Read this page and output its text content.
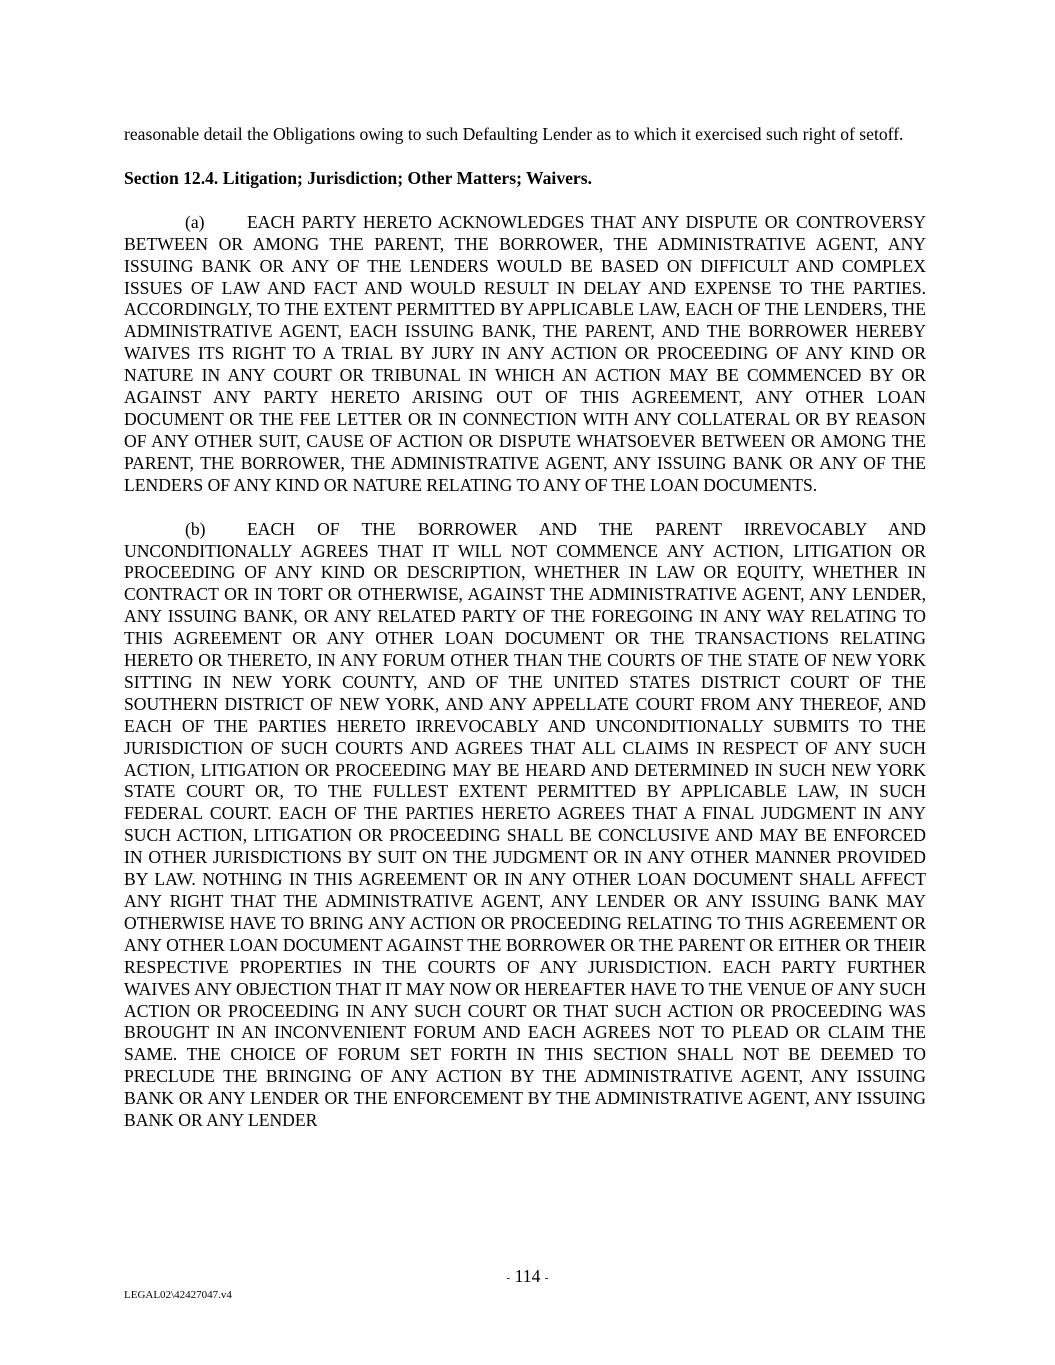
reasonable detail the Obligations owing to such Defaulting Lender as to which it exercised such right of setoff.

Section 12.4. Litigation; Jurisdiction; Other Matters; Waivers.

(a) EACH PARTY HERETO ACKNOWLEDGES THAT ANY DISPUTE OR CONTROVERSY BETWEEN OR AMONG THE PARENT, THE BORROWER, THE ADMINISTRATIVE AGENT, ANY ISSUING BANK OR ANY OF THE LENDERS WOULD BE BASED ON DIFFICULT AND COMPLEX ISSUES OF LAW AND FACT AND WOULD RESULT IN DELAY AND EXPENSE TO THE PARTIES. ACCORDINGLY, TO THE EXTENT PERMITTED BY APPLICABLE LAW, EACH OF THE LENDERS, THE ADMINISTRATIVE AGENT, EACH ISSUING BANK, THE PARENT, AND THE BORROWER HEREBY WAIVES ITS RIGHT TO A TRIAL BY JURY IN ANY ACTION OR PROCEEDING OF ANY KIND OR NATURE IN ANY COURT OR TRIBUNAL IN WHICH AN ACTION MAY BE COMMENCED BY OR AGAINST ANY PARTY HERETO ARISING OUT OF THIS AGREEMENT, ANY OTHER LOAN DOCUMENT OR THE FEE LETTER OR IN CONNECTION WITH ANY COLLATERAL OR BY REASON OF ANY OTHER SUIT, CAUSE OF ACTION OR DISPUTE WHATSOEVER BETWEEN OR AMONG THE PARENT, THE BORROWER, THE ADMINISTRATIVE AGENT, ANY ISSUING BANK OR ANY OF THE LENDERS OF ANY KIND OR NATURE RELATING TO ANY OF THE LOAN DOCUMENTS.

(b) EACH OF THE BORROWER AND THE PARENT IRREVOCABLY AND UNCONDITIONALLY AGREES THAT IT WILL NOT COMMENCE ANY ACTION, LITIGATION OR PROCEEDING OF ANY KIND OR DESCRIPTION, WHETHER IN LAW OR EQUITY, WHETHER IN CONTRACT OR IN TORT OR OTHERWISE, AGAINST THE ADMINISTRATIVE AGENT, ANY LENDER, ANY ISSUING BANK, OR ANY RELATED PARTY OF THE FOREGOING IN ANY WAY RELATING TO THIS AGREEMENT OR ANY OTHER LOAN DOCUMENT OR THE TRANSACTIONS RELATING HERETO OR THERETO, IN ANY FORUM OTHER THAN THE COURTS OF THE STATE OF NEW YORK SITTING IN NEW YORK COUNTY, AND OF THE UNITED STATES DISTRICT COURT OF THE SOUTHERN DISTRICT OF NEW YORK, AND ANY APPELLATE COURT FROM ANY THEREOF, AND EACH OF THE PARTIES HERETO IRREVOCABLY AND UNCONDITIONALLY SUBMITS TO THE JURISDICTION OF SUCH COURTS AND AGREES THAT ALL CLAIMS IN RESPECT OF ANY SUCH ACTION, LITIGATION OR PROCEEDING MAY BE HEARD AND DETERMINED IN SUCH NEW YORK STATE COURT OR, TO THE FULLEST EXTENT PERMITTED BY APPLICABLE LAW, IN SUCH FEDERAL COURT. EACH OF THE PARTIES HERETO AGREES THAT A FINAL JUDGMENT IN ANY SUCH ACTION, LITIGATION OR PROCEEDING SHALL BE CONCLUSIVE AND MAY BE ENFORCED IN OTHER JURISDICTIONS BY SUIT ON THE JUDGMENT OR IN ANY OTHER MANNER PROVIDED BY LAW. NOTHING IN THIS AGREEMENT OR IN ANY OTHER LOAN DOCUMENT SHALL AFFECT ANY RIGHT THAT THE ADMINISTRATIVE AGENT, ANY LENDER OR ANY ISSUING BANK MAY OTHERWISE HAVE TO BRING ANY ACTION OR PROCEEDING RELATING TO THIS AGREEMENT OR ANY OTHER LOAN DOCUMENT AGAINST THE BORROWER OR THE PARENT OR EITHER OR THEIR RESPECTIVE PROPERTIES IN THE COURTS OF ANY JURISDICTION. EACH PARTY FURTHER WAIVES ANY OBJECTION THAT IT MAY NOW OR HEREAFTER HAVE TO THE VENUE OF ANY SUCH ACTION OR PROCEEDING IN ANY SUCH COURT OR THAT SUCH ACTION OR PROCEEDING WAS BROUGHT IN AN INCONVENIENT FORUM AND EACH AGREES NOT TO PLEAD OR CLAIM THE SAME. THE CHOICE OF FORUM SET FORTH IN THIS SECTION SHALL NOT BE DEEMED TO PRECLUDE THE BRINGING OF ANY ACTION BY THE ADMINISTRATIVE AGENT, ANY ISSUING BANK OR ANY LENDER OR THE ENFORCEMENT BY THE ADMINISTRATIVE AGENT, ANY ISSUING BANK OR ANY LENDER

- 114 -
LEGAL02\42427047.v4
